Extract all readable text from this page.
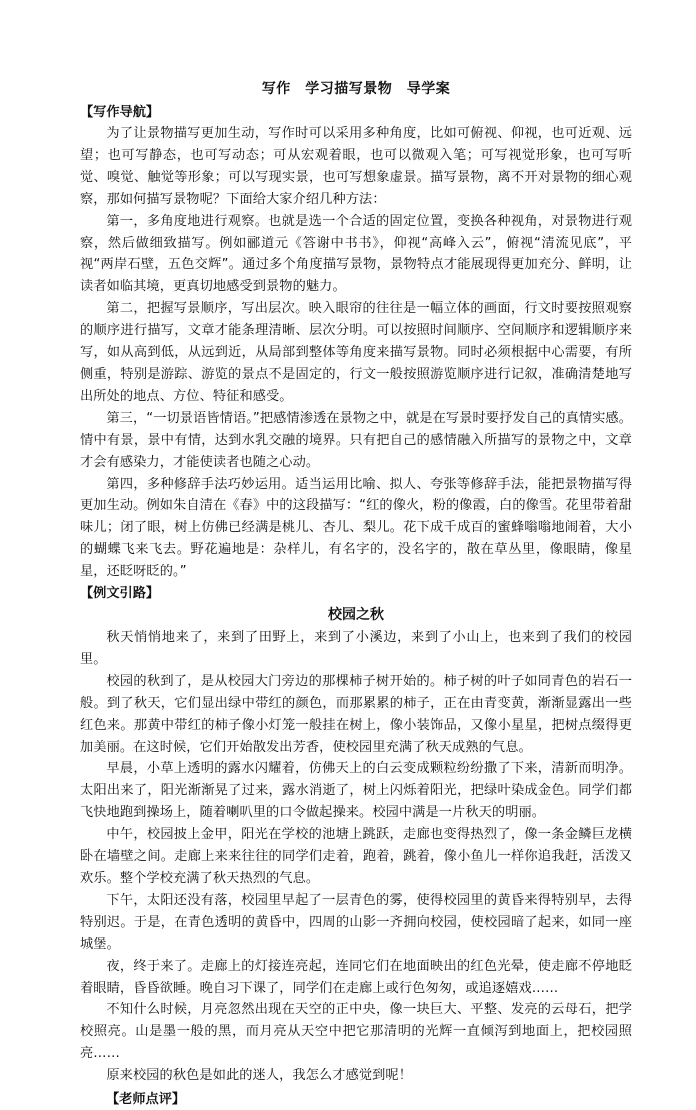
写作　学习描写景物　导学案
【写作导航】

为了让景物描写更加生动，写作时可以采用多种角度，比如可俯视、仰视，也可近观、远望；也可写静态，也可写动态；可从宏观着眼，也可以微观入笔；可写视觉形象，也可写听觉、嗅觉、触觉等形象；可以写现实景，也可写想象虚景。描写景物，离不开对景物的细心观察，那如何描写景物呢？下面给大家介绍几种方法：

第一，多角度地进行观察。也就是选一个合适的固定位置，变换各种视角，对景物进行观察，然后做细致描写。例如郦道元《答谢中书书》，仰视“高峰入云”，俯视“清流见底”，平视“两岸石壁，五色交辉”。通过多个角度描写景物，景物特点才能展现得更加充分、鲜明，让读者如临其境，更真切地感受到景物的魅力。

第二，把握写景顺序，写出层次。映入眼帘的往往是一幅立体的画面，行文时要按照观察的顺序进行描写，文章才能条理清晰、层次分明。可以按照时间顺序、空间顺序和逻辑顺序来写，如从高到低，从远到近，从局部到整体等角度来描写景物。同时必须根据中心需要，有所侧重，特别是游踪、游览的景点不是固定的，行文一般按照游览顺序进行记叙，准确清楚地写出所处的地点、方位、特征和感受。

第三，“一切景语皆情语。”把感情渗透在景物之中，就是在写景时要抒发自己的真情实感。情中有景，景中有情，达到水乳交融的境界。只有把自己的感情融入所描写的景物之中，文章才会有感染力，才能使读者也随之心动。

第四，多种修辞手法巧妙运用。适当运用比喻、拟人、夸张等修辞手法，能把景物描写得更加生动。例如朱自清在《春》中的这段描写：“红的像火，粉的像霞，白的像雪。花里带着甜味儿；闭了眼，树上仿佛已经满是桃儿、杏儿、梨儿。花下成千成百的蜜蜂嗡嗡地闹着，大小的蝴蝶飞来飞去。野花遍地是：杂样儿，有名字的，没名字的，散在草丛里，像眼睛，像星星，还眨呀眨的。”

【例文引路】
校园之秋

秋天悄悄地来了，来到了田野上，来到了小溪边，来到了小山上，也来到了我们的校园里。

校园的秋到了，是从校园大门旁边的那棵柿子树开始的。柿子树的叶子如同青色的岩石一般。到了秋天，它们显出绿中带红的颜色，而那累累的柿子，正在由青变黄，渐渐显露出一些红色来。那黄中带红的柿子像小灯笼一般挂在树上，像小装饰品，又像小星星，把树点缀得更加美丽。在这时候，它们开始散发出芳香，使校园里充满了秋天成熟的气息。

早晨，小草上透明的露水闪耀着，仿佛天上的白云变成颗粒纷纷撒了下来，清新而明净。太阳出来了，阳光渐渐晃了过来，露水消逝了，树上闪烁着阳光，把绿叶染成金色。同学们都飞快地跑到操场上，随着喇叭里的口令做起操来。校园中满是一片秋天的明丽。

中午，校园披上金甲，阳光在学校的池塘上跳跃，走廊也变得热烈了，像一条金鳞巨龙横卧在墙壁之间。走廊上来来往往的同学们走着，跑着，跳着，像小鱼儿一样你追我赶，活泼又欢乐。整个学校充满了秋天热烈的气息。

下午，太阳还没有落，校园里早起了一层青色的雾，使得校园里的黄昏来得特别早，去得特别迟。于是，在青色透明的黄昏中，四周的山影一齐拥向校园，使校园暗了起来，如同一座城堡。

夜，终于来了。走廊上的灯接连亮起，连同它们在地面映出的红色光晕，使走廊不停地眨着眼睛，昏昏欲睡。晚自习下课了，同学们在走廊上或行色匆匆，或追逐嬉戏……

不知什么时候，月亮忽然出现在天空的正中央，像一块巨大、平整、发亮的云母石，把学校照亮。山是墨一般的黑，而月亮从天空中把它那清明的光辉一直倾泻到地面上，把校园照亮……

原来校园的秋色是如此的迷人，我怎么才感觉到呢！

【老师点评】
